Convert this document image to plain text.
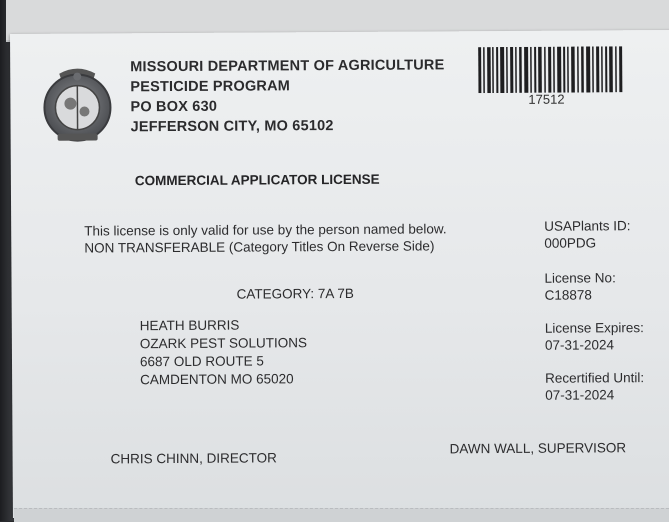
MISSOURI DEPARTMENT OF AGRICULTURE
PESTICIDE PROGRAM
PO BOX 630
JEFFERSON CITY, MO 65102
17512
COMMERCIAL APPLICATOR LICENSE
This license is only valid for use by the person named below.
NON TRANSFERABLE (Category Titles On Reverse Side)
CATEGORY: 7A 7B
HEATH BURRIS
OZARK PEST SOLUTIONS
6687 OLD ROUTE 5
CAMDENTON MO 65020
USAPlants ID:
000PDG
License No:
C18878
License Expires:
07-31-2024
Recertified Until:
07-31-2024
CHRIS CHINN, DIRECTOR
DAWN WALL, SUPERVISOR
